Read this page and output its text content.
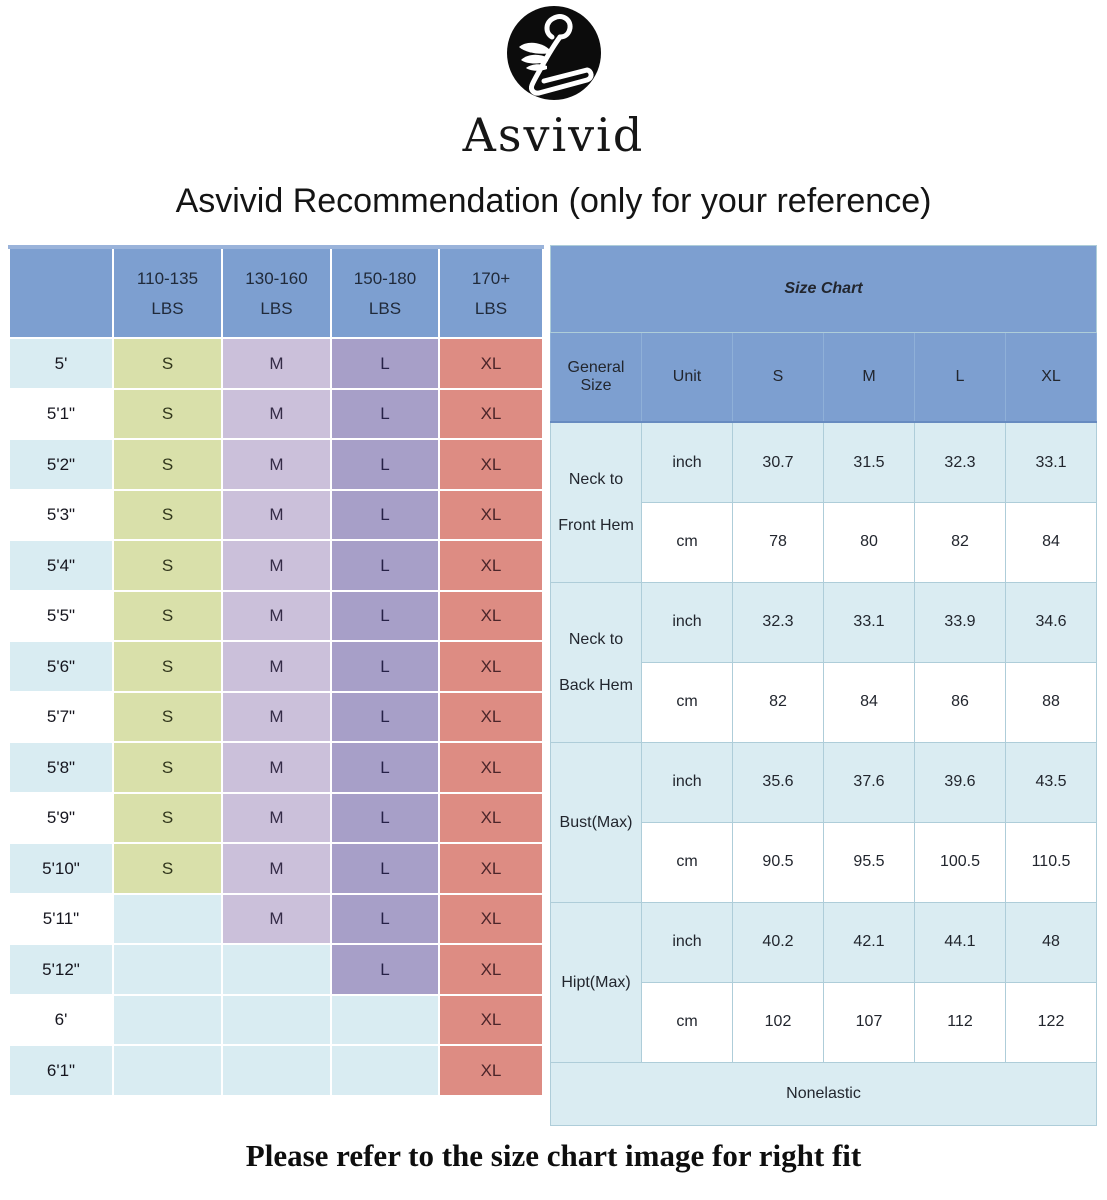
Asvivid
Asvivid Recommendation (only for your reference)

110-135
LBS

130-160
LBS

150-180
LBS

170+
LBS

5'	S	M	L	XL
5'1"	S	M	L	XL
5'2"	S	M	L	XL
5'3"	S	M	L	XL
5'4"	S	M	L	XL
5'5"	S	M	L	XL
5'6"	S	M	L	XL
5'7"	S	M	L	XL
5'8"	S	M	L	XL
5'9"	S	M	L	XL
5'10"	S	M	L	XL
5'11"		M	L	XL
5'12"			L	XL
6'				XL
6'1"				XL
Size Chart					
General Size	Unit	S	M	L	XL

Neck to
Front Hem	inch	30.7	31.5	32.3	33.1
	cm	78	80	82	84

Neck to
Back Hem	inch	32.3	33.1	33.9	34.6
	cm	82	84	86	88

Bust(Max)	inch	35.6	37.6	39.6	43.5
	cm	90.5	95.5	100.5	110.5

Hipt(Max)	inch	40.2	42.1	44.1	48
	cm	102	107	112	122
Nonelastic					
Please refer to the size chart image for right fit
